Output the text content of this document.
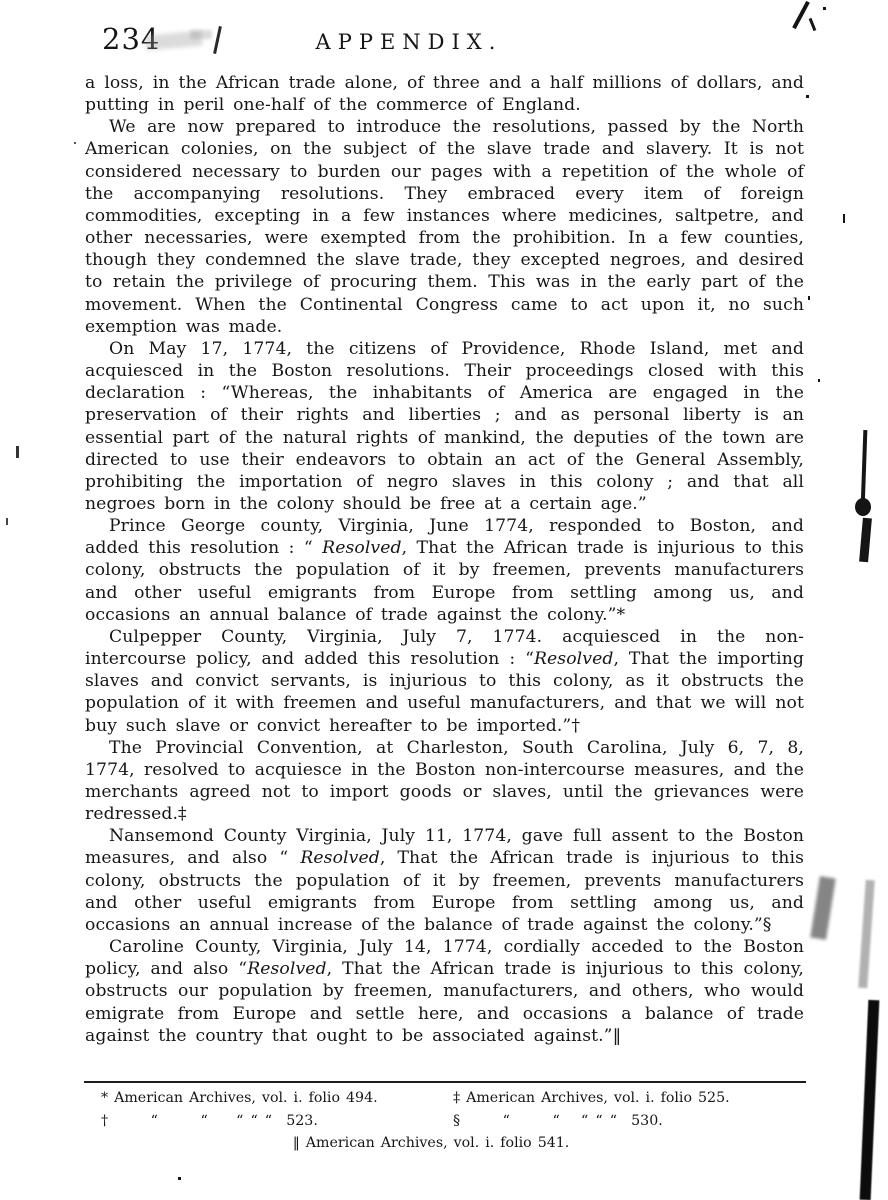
234	APPENDIX.

a loss, in the African trade alone, of three and a half millions of dollars, and putting in peril one-half of the commerce of England.

We are now prepared to introduce the resolutions, passed by the North American colonies, on the subject of the slave trade and slavery. It is not considered necessary to burden our pages with a repetition of the whole of the accompanying resolutions. They embraced every item of foreign commodities, excepting in a few instances where medicines, saltpetre, and other necessaries, were exempted from the prohibition. In a few counties, though they condemned the slave trade, they excepted negroes, and desired to retain the privilege of procuring them. This was in the early part of the movement. When the Continental Congress came to act upon it, no such exemption was made.

On May 17, 1774, the citizens of Providence, Rhode Island, met and acquiesced in the Boston resolutions. Their proceedings closed with this declaration : “Whereas, the inhabitants of America are engaged in the preservation of their rights and liberties ; and as personal liberty is an essential part of the natural rights of mankind, the deputies of the town are directed to use their endeavors to obtain an act of the General Assembly, prohibiting the importation of negro slaves in this colony ; and that all negroes born in the colony should be free at a certain age.”

Prince George county, Virginia, June 1774, responded to Boston, and added this resolution : “ Resolved, That the African trade is injurious to this colony, obstructs the population of it by freemen, prevents manufacturers and other useful emigrants from Europe from settling among us, and occasions an annual balance of trade against the colony.”*

Culpepper County, Virginia, July 7, 1774. acquiesced in the non-intercourse policy, and added this resolution : “Resolved, That the importing slaves and convict servants, is injurious to this colony, as it obstructs the population of it with freemen and useful manufacturers, and that we will not buy such slave or convict hereafter to be imported.”†

The Provincial Convention, at Charleston, South Carolina, July 6, 7, 8, 1774, resolved to acquiesce in the Boston non-intercourse measures, and the merchants agreed not to import goods or slaves, until the grievances were redressed.‡

Nansemond County Virginia, July 11, 1774, gave full assent to the Boston measures, and also “ Resolved, That the African trade is injurious to this colony, obstructs the population of it by freemen, prevents manufacturers and other useful emigrants from Europe from settling among us, and occasions an annual increase of the balance of trade against the colony.”§

Caroline County, Virginia, July 14, 1774, cordially acceded to the Boston policy, and also “Resolved, That the African trade is injurious to this colony, obstructs our population by freemen, manufacturers, and others, who would emigrate from Europe and settle here, and occasions a balance of trade against the country that ought to be associated against.”‖

* American Archives, vol. i. folio 494.	‡ American Archives, vol. i. folio 525.
†   “   “  “ “ “ 523.	§   “   “  “ “ “ 530.
‖ American Archives, vol. i. folio 541.
